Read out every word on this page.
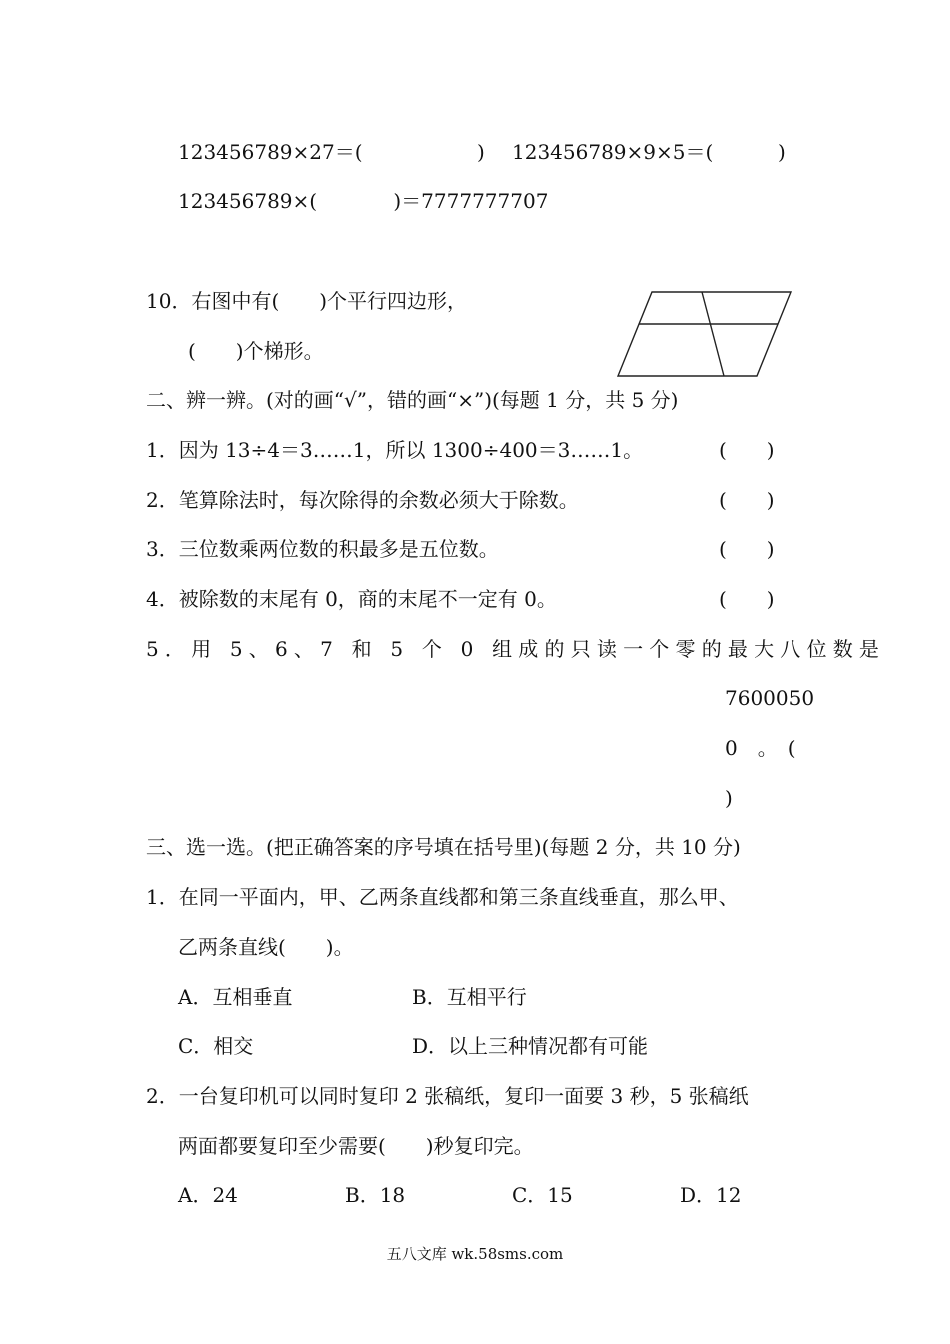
123456789×27＝(	) 123456789×9×5＝(	)
123456789×(            )＝7777777707
10．右图中有(　　)个平行四边形，
(　　)个梯形。
二、辨一辨。(对的画“√”，错的画“×”)(每题 1 分，共 5 分)
1．因为 13÷4＝3……1，所以 1300÷400＝3……1。	(　　)
2．笔算除法时，每次除得的余数必须大于除数。	(　　)
3．三位数乘两位数的积最多是五位数。	(　　)
4．被除数的末尾有 0，商的末尾不一定有 0。	(　　)
5．用 5、6、7 和 5 个 0 组成的只读一个零的最大八位数是
7600050
0　。　(
)
三、选一选。(把正确答案的序号填在括号里)(每题 2 分，共 10 分)
1．在同一平面内，甲、乙两条直线都和第三条直线垂直，那么甲、
乙两条直线(　　)。
A．互相垂直	B．互相平行
C．相交	D．以上三种情况都有可能
2．一台复印机可以同时复印 2 张稿纸，复印一面要 3 秒，5 张稿纸
两面都要复印至少需要(　　)秒复印完。
A．24	B．18	C．15	D．12
五八文库 wk.58sms.com
